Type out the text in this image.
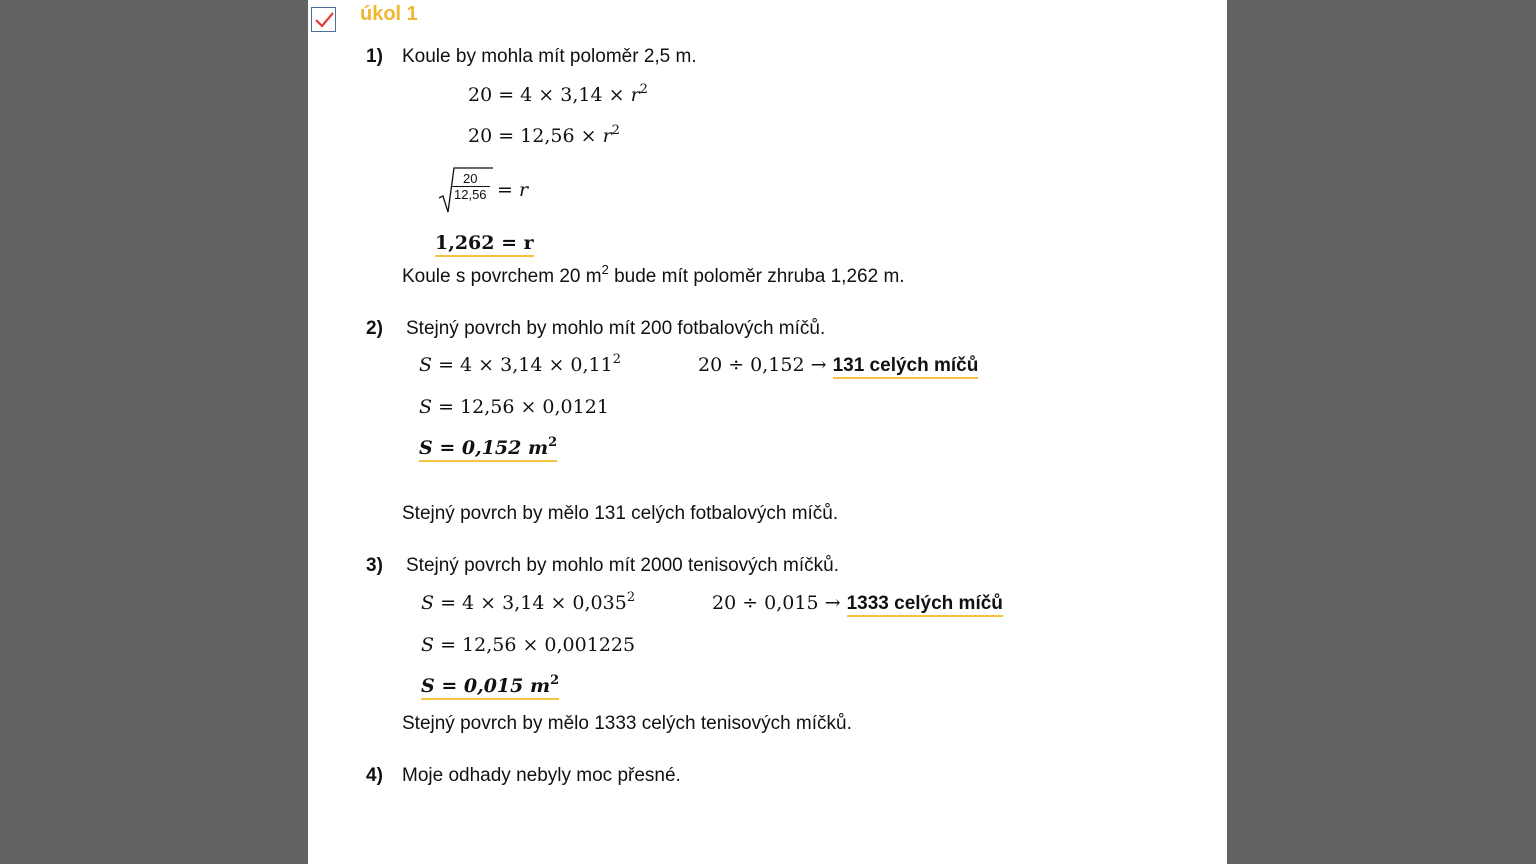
úkol 1
1) Koule by mohla mít poloměr 2,5 m.
$20 = 4 \times 3,14 \times r^2$
$20 = 12,56 \times r^2$
$\frac{20}{12,56} = r$
1,262 = r
Koule s povrchem 20 $m^2$ bude mít poloměr zhruba 1,262 m.
2) Stejný povrch by mohlo mít 200 fotbalových míčů.
$S = 4 \times 3,14 \times 0,11^2$	20 ÷ 0,152 → 131 celých míčů
S = 12,56 × 0,0121
S = 0,152 $m^2$
Stejný povrch by mělo 131 celých fotbalových míčů.
3) Stejný povrch by mohlo mít 2000 tenisových míčků.
$S = 4 \times 3,14 \times 0,035^2$	20 ÷ 0,015 → 1333 celých míčů
S = 12,56 × 0,001225
S = 0,015 $m^2$
Stejný povrch by mělo 1333 celých tenisových míčků.
4) Moje odhady nebyly moc přesné.
